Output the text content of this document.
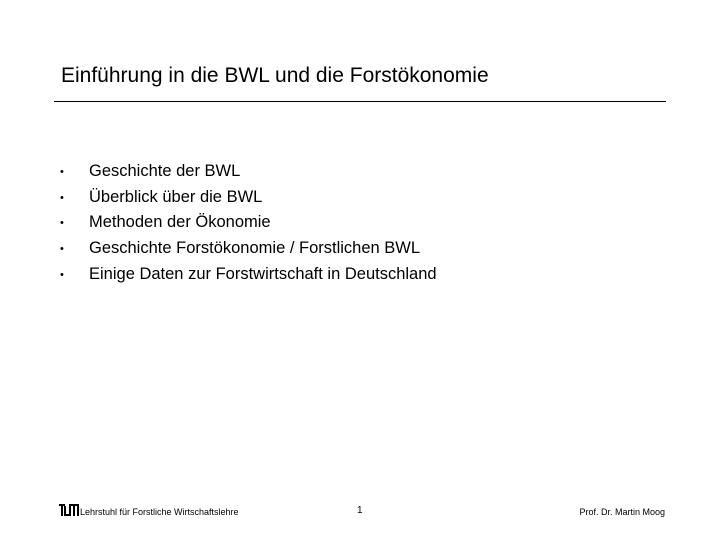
Einführung in die BWL und die Forstökonomie
• Geschichte der BWL
• Überblick über die BWL
• Methoden der Ökonomie
• Geschichte Forstökonomie / Forstlichen BWL
• Einige Daten zur Forstwirtschaft in Deutschland
Lehrstuhl für Forstliche Wirtschaftslehre	1	Prof. Dr. Martin Moog
